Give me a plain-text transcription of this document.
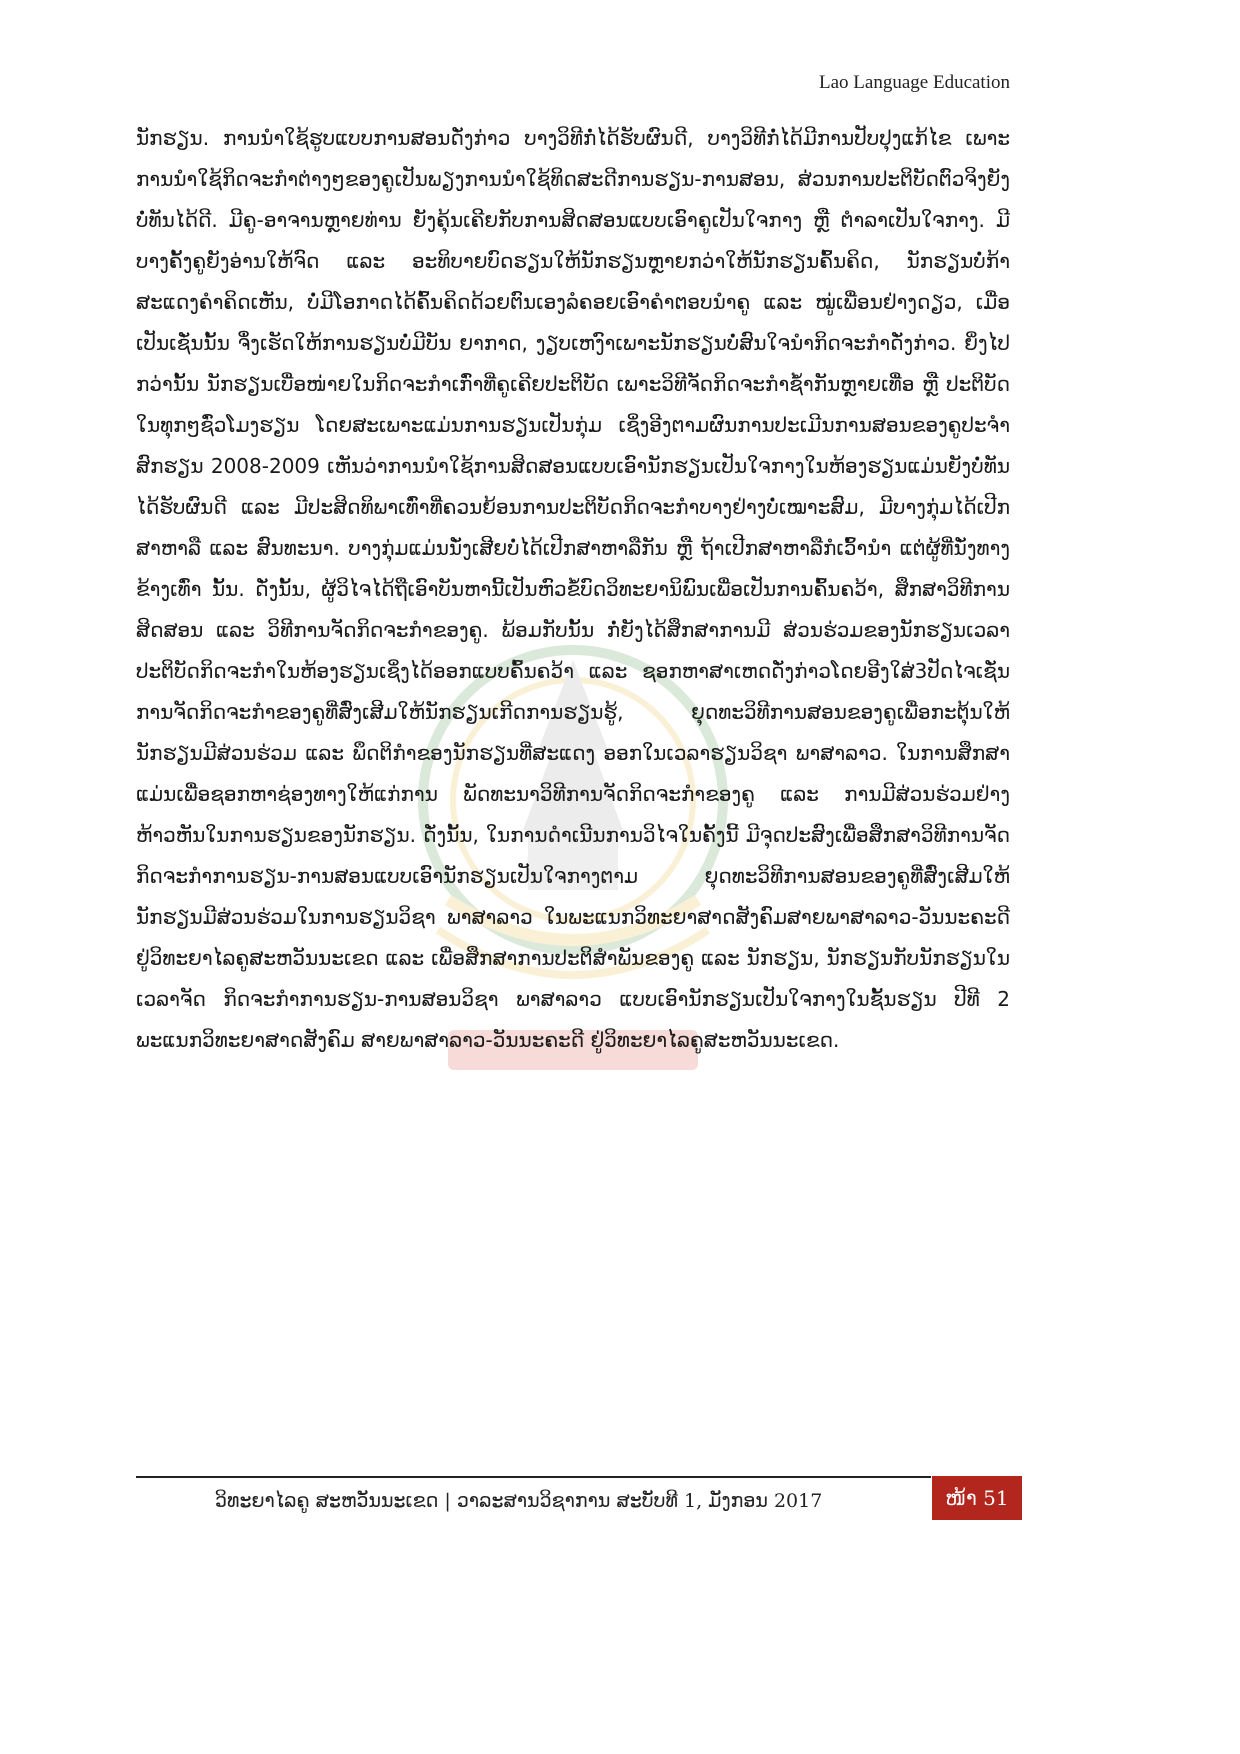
Lao Language Education

ນັກຮຽນ. ການນຳໃຊ້ຮູບແບບການສອນດັ່ງກ່າວ ບາງວິທີກໍ່ໄດ້ຮັບຜົນດີ, ບາງວິທີກໍ່ໄດ້ມີການປັບປຸງແກ້ໄຂ ເພາະການນຳໃຊ້ກິດຈະກຳຕ່າງໆຂອງຄູເປັນພຽງການນຳໃຊ້ທິດສະດີການຮຽນ-ການສອນ, ສ່ວນການປະຕິບັດຕົວຈິງຍັງບໍ່ທັນໄດ້ດີ. ມີຄູ-ອາຈານຫຼາຍທ່ານ ຍັງຄຸ້ນເຄີຍກັບການສິດສອນແບບເອົາຄູເປັນໃຈກາງ ຫຼື ຕຳລາເປັນໃຈກາງ. ມີບາງຄັ້ງຄູຍັງອ່ານໃຫ້ຈົດ ແລະ ອະທິບາຍບົດຮຽນໃຫ້ນັກຮຽນຫຼາຍກວ່າໃຫ້ນັກຮຽນຄົ້ນຄິດ, ນັກຮຽນບໍ່ກ້າສະແດງຄຳຄິດເຫັນ, ບໍ່ມີໂອກາດໄດ້ຄົ້ນຄິດດ້ວຍຕົນເອງລໍຄອຍເອົາຄຳຕອບນຳຄູ ແລະ ໝູ່ເພື່ອນຢ່າງດຽວ, ເມື່ອເປັນເຊັ່ນນັ້ນ ຈຶ່ງເຮັດໃຫ້ການຮຽນບໍ່ມີບັນ ຍາກາດ, ງຽບເຫງົາເພາະນັກຮຽນບໍ່ສົນໃຈນຳກິດຈະກຳດັ່ງກ່າວ. ຍິ່ງໄປກວ່ານັ້ນ ນັກຮຽນເບື່ອໜ່າຍໃນກິດຈະກຳເກົ່າທີ່ຄູເຄີຍປະຕິບັດ ເພາະວິທີຈັດກິດຈະກຳຊ້ຳກັນຫຼາຍເທື່ອ ຫຼື ປະຕິບັດໃນທຸກໆຊົ່ວໂມງຮຽນ ໂດຍສະເພາະແມ່ນການຮຽນເປັນກຸ່ມ ເຊິ່ງອີງຕາມຜົນການປະເມີນການສອນຂອງຄູປະຈຳສົກຮຽນ 2008-2009 ເຫັນວ່າການນຳໃຊ້ການສິດສອນແບບເອົານັກຮຽນເປັນໃຈກາງໃນຫ້ອງຮຽນແມ່ນຍັງບໍ່ທັນໄດ້ຮັບຜົນດີ ແລະ ມີປະສິດທິພາເທົ່າທີ່ຄວນຍ້ອນການປະຕິບັດກິດຈະກຳບາງຢ່າງບໍ່ເໝາະສົມ, ມີບາງກຸ່ມໄດ້ເປີກສາຫາລື ແລະ ສົນທະນາ. ບາງກຸ່ມແມ່ນນັ່ງເສີຍບໍ່ໄດ້ເປີກສາຫາລືກັນ ຫຼື ຖ້າເປີກສາຫາລືກໍເວົ້ານຳ ແຕ່ຜູ້ທີ່ນັ່ງທາງຂ້າງເທົ່າ ນັ້ນ. ດັ່ງນັ້ນ, ຜູ້ວິໄຈໄດ້ຖືເອົາບັນຫານີ້ເປັນຫົວຂໍ້ບົດວິທະຍານິພົນເພື່ອເປັນການຄົ້ນຄວ້າ, ສຶກສາວິທີການສິດສອນ ແລະ ວິທີການຈັດກິດຈະກຳຂອງຄູ. ພ້ອມກັບນັ້ນ ກໍ່ຍັງໄດ້ສຶກສາການມີ ສ່ວນຮ່ວມຂອງນັກຮຽນເວລາປະຕິບັດກິດຈະກຳໃນຫ້ອງຮຽນເຊິ່ງໄດ້ອອກແບບຄົ້ນຄວ້າ ແລະ ຊອກຫາສາເຫດດັ່ງກ່າວໂດຍອີງໃສ່3ປັດໄຈເຊັ່ນ ການຈັດກິດຈະກຳຂອງຄູທີ່ສົ່ງເສີມໃຫ້ນັກຮຽນເກີດການຮຽນຮູ້, ຍຸດທະວິທີການສອນຂອງຄູເພື່ອກະຕຸ້ນໃຫ້ນັກຮຽນມີສ່ວນຮ່ວມ ແລະ ພຶດຕິກຳຂອງນັກຮຽນທີ່ສະແດງ ອອກໃນເວລາຮຽນວິຊາ ພາສາລາວ. ໃນການສຶກສາແມ່ນເພື່ອຊອກຫາຊ່ອງທາງໃຫ້ແກ່ການ ພັດທະນາວິທີການຈັດກິດຈະກຳຂອງຄູ ແລະ ການມີສ່ວນຮ່ວມຢ່າງຫ້າວຫັນໃນການຮຽນຂອງນັກຮຽນ. ດັ່ງນັ້ນ, ໃນການດຳເນີນການວິໄຈໃນຄັ້ງນີ້ ມີຈຸດປະສົງເພື່ອສຶກສາວິທີການຈັດກິດຈະກຳການຮຽນ-ການສອນແບບເອົານັກຮຽນເປັນໃຈກາງຕາມ ຍຸດທະວິທີການສອນຂອງຄູທີ່ສົ່ງເສີມໃຫ້ນັກຮຽນມີສ່ວນຮ່ວມໃນການຮຽນວິຊາ ພາສາລາວ ໃນພະແນກວິທະຍາສາດສັງຄົມສາຍພາສາລາວ-ວັນນະຄະດີ ຢູ່ວິທະຍາໄລຄູສະຫວັນນະເຂດ ແລະ ເພື່ອສຶກສາການປະຕິສຳພັນຂອງຄູ ແລະ ນັກຮຽນ, ນັກຮຽນກັບນັກຮຽນໃນເວລາຈັດ ກິດຈະກຳການຮຽນ-ການສອນວິຊາ ພາສາລາວ ແບບເອົານັກຮຽນເປັນໃຈກາງໃນຊັ້ນຮຽນ ປີທີ 2 ພະແນກວິທະຍາສາດສັງຄົມ ສາຍພາສາລາວ-ວັນນະຄະດີ ຢູ່ວິທະຍາໄລຄູສະຫວັນນະເຂດ.

ວິທະຍາໄລຄູ ສະຫວັນນະເຂດ | ວາລະສານວິຊາການ ສະບັບທີ 1, ມັງກອນ 2017	ໜ້າ 51
